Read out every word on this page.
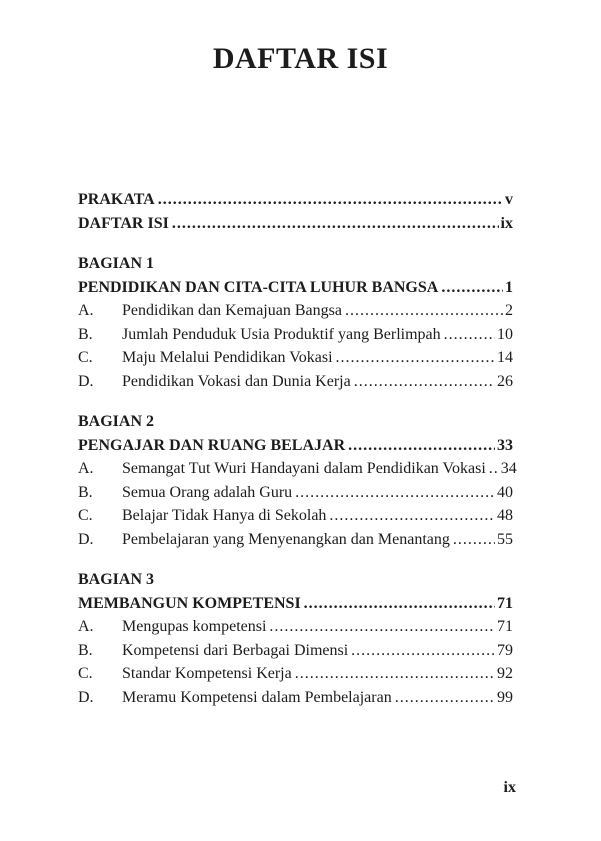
DAFTAR ISI
PRAKATA .....	v
DAFTAR ISI .....	ix
BAGIAN 1
PENDIDIKAN DAN CITA-CITA LUHUR BANGSA .....	1
A.	Pendidikan dan Kemajuan Bangsa .....	2
B.	Jumlah Penduduk Usia Produktif yang Berlimpah .....	10
C.	Maju Melalui Pendidikan Vokasi .....	14
D.	Pendidikan Vokasi dan Dunia Kerja .....	26
BAGIAN 2
PENGAJAR DAN RUANG BELAJAR .....	33
A.	Semangat Tut Wuri Handayani dalam Pendidikan Vokasi ..... 34
B.	Semua Orang adalah Guru .....	40
C.	Belajar Tidak Hanya di Sekolah .....	48
D.	Pembelajaran yang Menyenangkan dan Menantang .....	55
BAGIAN 3
MEMBANGUN KOMPETENSI .....	71
A.	Mengupas kompetensi .....	71
B.	Kompetensi dari Berbagai Dimensi .....	79
C.	Standar Kompetensi Kerja .....	92
D.	Meramu Kompetensi dalam Pembelajaran .....	99
ix
